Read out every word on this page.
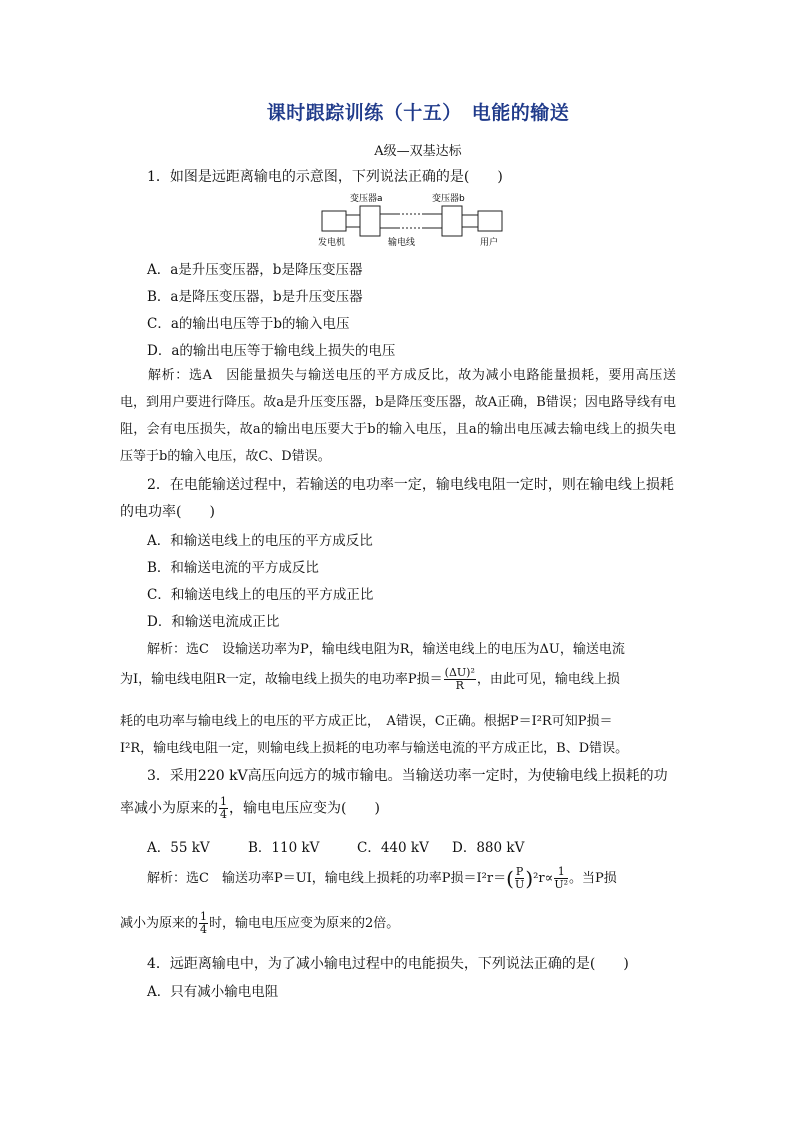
课时跟踪训练（十五）　电能的输送
A级—双基达标
1．如图是远距离输电的示意图，下列说法正确的是(　　)
变压器a	变压器b
发电机	输电线	用户
A．a是升压变压器，b是降压变压器
B．a是降压变压器，b是升压变压器
C．a的输出电压等于b的输入电压
D．a的输出电压等于输电线上损失的电压
解析：选A　因能量损失与输送电压的平方成反比，故为减小电路能量损耗，要用高压送电，到用户要进行降压。故a是升压变压器，b是降压变压器，故A正确，B错误；因电路导线有电阻，会有电压损失，故a的输出电压要大于b的输入电压，且a的输出电压减去输电线上的损失电压等于b的输入电压，故C、D错误。
2．在电能输送过程中，若输送的电功率一定，输电线电阻一定时，则在输电线上损耗
的电功率(　　)
A．和输送电线上的电压的平方成反比
B．和输送电流的平方成反比
C．和输送电线上的电压的平方成正比
D．和输送电流成正比
解析：选C　设输送功率为P，输电线电阻为R，输送电线上的电压为ΔU，输送电流
为I，输电线电阻R一定，故输电线上损失的电功率P损＝ $\frac{\text{(ΔU)²}}{R}$ ，由此可见，输电线上损
耗的电功率与输电线上的电压的平方成正比，　A错误，C正确。根据P＝I²R可知P损＝
I²R，输电线电阻一定，则输电线上损耗的电功率与输送电流的平方成正比，B、D错误。
3．采用220 kV高压向远方的城市输电。当输送功率一定时，为使输电线上损耗的功
率减小为原来的 $\frac{1}{4}$ ，输电电压应变为(　　)
A．55 kV	B．110 kV	C．440 kV D．880 kV
解析：选C　输送功率P＝UI，输电线上损耗的功率P损$=I^2r=( \frac{P}{U} )^2r\propto \frac{1}{\text{U²}}$ 。当P损
减小为原来的 $\frac{1}{4}$ 时，输电电压应变为原来的2倍。
4．远距离输电中，为了减小输电过程中的电能损失，下列说法正确的是(　　)
A．只有减小输电电阻
